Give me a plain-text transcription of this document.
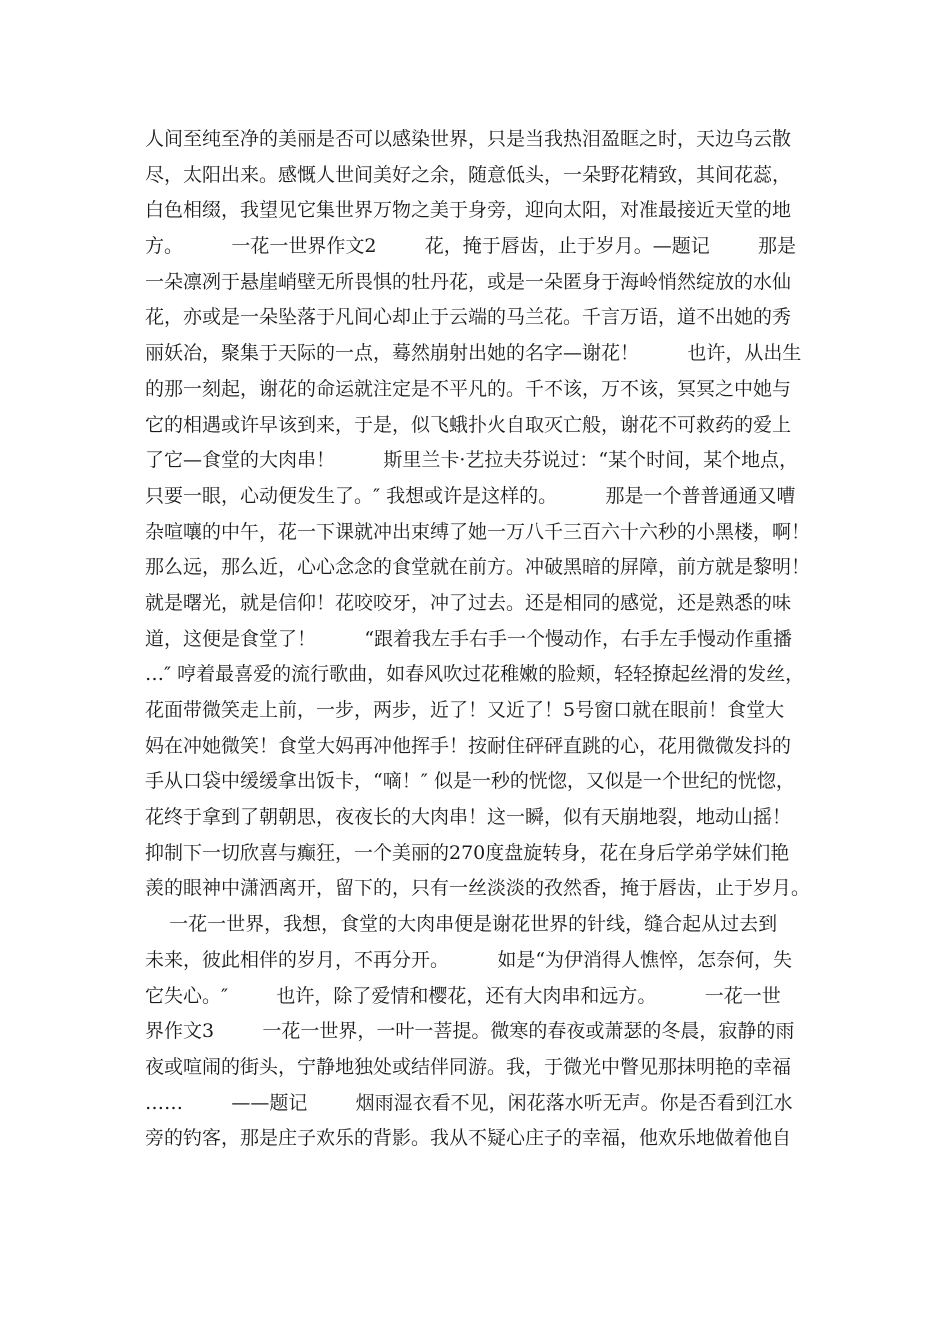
人间至纯至净的美丽是否可以感染世界，只是当我热泪盈眶之时，天边乌云散
尽，太阳出来。感慨人世间美好之余，随意低头，一朵野花精致，其间花蕊，
白色相缀，我望见它集世界万物之美于身旁，迎向太阳，对准最接近天堂的地
方。        一花一世界作文2        花，掩于唇齿，止于岁月。—题记        那是
一朵凛冽于悬崖峭壁无所畏惧的牡丹花，或是一朵匿身于海岭悄然绽放的水仙
花，亦或是一朵坠落于凡间心却止于云端的马兰花。千言万语，道不出她的秀
丽妖冶，聚集于天际的一点，蓦然崩射出她的名字—谢花！        也许，从出生
的那一刻起，谢花的命运就注定是不平凡的。千不该，万不该，冥冥之中她与
它的相遇或许早该到来，于是，似飞蛾扑火自取灭亡般，谢花不可救药的爱上
了它—食堂的大肉串！        斯里兰卡·艺拉夫芬说过：“某个时间，某个地点，
只要一眼，心动便发生了。″ 我想或许是这样的。        那是一个普普通通又嘈
杂喧嚷的中午，花一下课就冲出束缚了她一万八千三百六十六秒的小黑楼，啊！
那么远，那么近，心心念念的食堂就在前方。冲破黑暗的屏障，前方就是黎明！
就是曙光，就是信仰！花咬咬牙，冲了过去。还是相同的感觉，还是熟悉的味
道，这便是食堂了！        “跟着我左手右手一个慢动作，右手左手慢动作重播
…″ 哼着最喜爱的流行歌曲，如春风吹过花稚嫩的脸颊，轻轻撩起丝滑的发丝，
花面带微笑走上前，一步，两步，近了！又近了！5号窗口就在眼前！食堂大
妈在冲她微笑！食堂大妈再冲他挥手！按耐住砰砰直跳的心，花用微微发抖的
手从口袋中缓缓拿出饭卡，“嘀！″ 似是一秒的恍惚，又似是一个世纪的恍惚，
花终于拿到了朝朝思，夜夜长的大肉串！这一瞬，似有天崩地裂，地动山摇！
抑制下一切欣喜与癫狂，一个美丽的270度盘旋转身，花在身后学弟学妹们艳
羡的眼神中潇洒离开，留下的，只有一丝淡淡的孜然香，掩于唇齿，止于岁月。
一花一世界，我想，食堂的大肉串便是谢花世界的针线，缝合起从过去到
未来，彼此相伴的岁月，不再分开。        如是“为伊消得人憔悴，怎奈何，失
它失心。″        也许，除了爱情和樱花，还有大肉串和远方。        一花一世
界作文3        一花一世界，一叶一菩提。微寒的春夜或萧瑟的冬晨，寂静的雨
夜或喧闹的街头，宁静地独处或结伴同游。我，于微光中瞥见那抹明艳的幸福
……        ——题记        烟雨湿衣看不见，闲花落水听无声。你是否看到江水
旁的钓客，那是庄子欢乐的背影。我从不疑心庄子的幸福，他欢乐地做着他自
